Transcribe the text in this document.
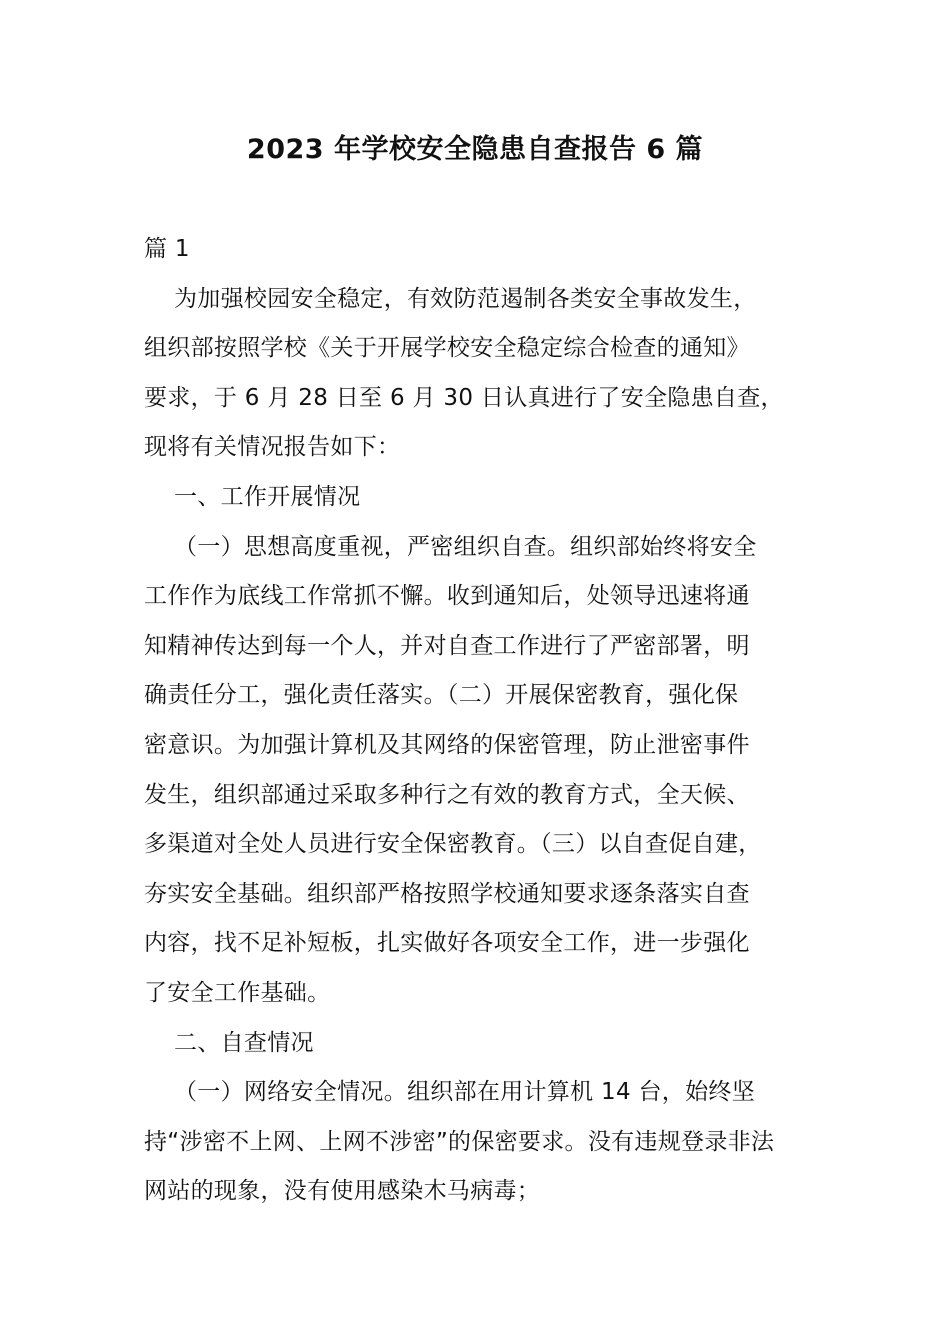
2023 年学校安全隐患自查报告 6 篇
篇 1
为加强校园安全稳定，有效防范遏制各类安全事故发生，
组织部按照学校《关于开展学校安全稳定综合检查的通知》
要求，于 6 月 28 日至 6 月 30 日认真进行了安全隐患自查，
现将有关情况报告如下：
一、工作开展情况
（一）思想高度重视，严密组织自查。组织部始终将安全
工作作为底线工作常抓不懈。收到通知后，处领导迅速将通
知精神传达到每一个人，并对自查工作进行了严密部署，明
确责任分工，强化责任落实。（二）开展保密教育，强化保
密意识。为加强计算机及其网络的保密管理，防止泄密事件
发生，组织部通过采取多种行之有效的教育方式，全天候、
多渠道对全处人员进行安全保密教育。（三）以自查促自建，
夯实安全基础。组织部严格按照学校通知要求逐条落实自查
内容，找不足补短板，扎实做好各项安全工作，进一步强化
了安全工作基础。
二、自查情况
（一）网络安全情况。组织部在用计算机 14 台，始终坚
持“涉密不上网、上网不涉密”的保密要求。没有违规登录非法
网站的现象，没有使用感染木马病毒；
